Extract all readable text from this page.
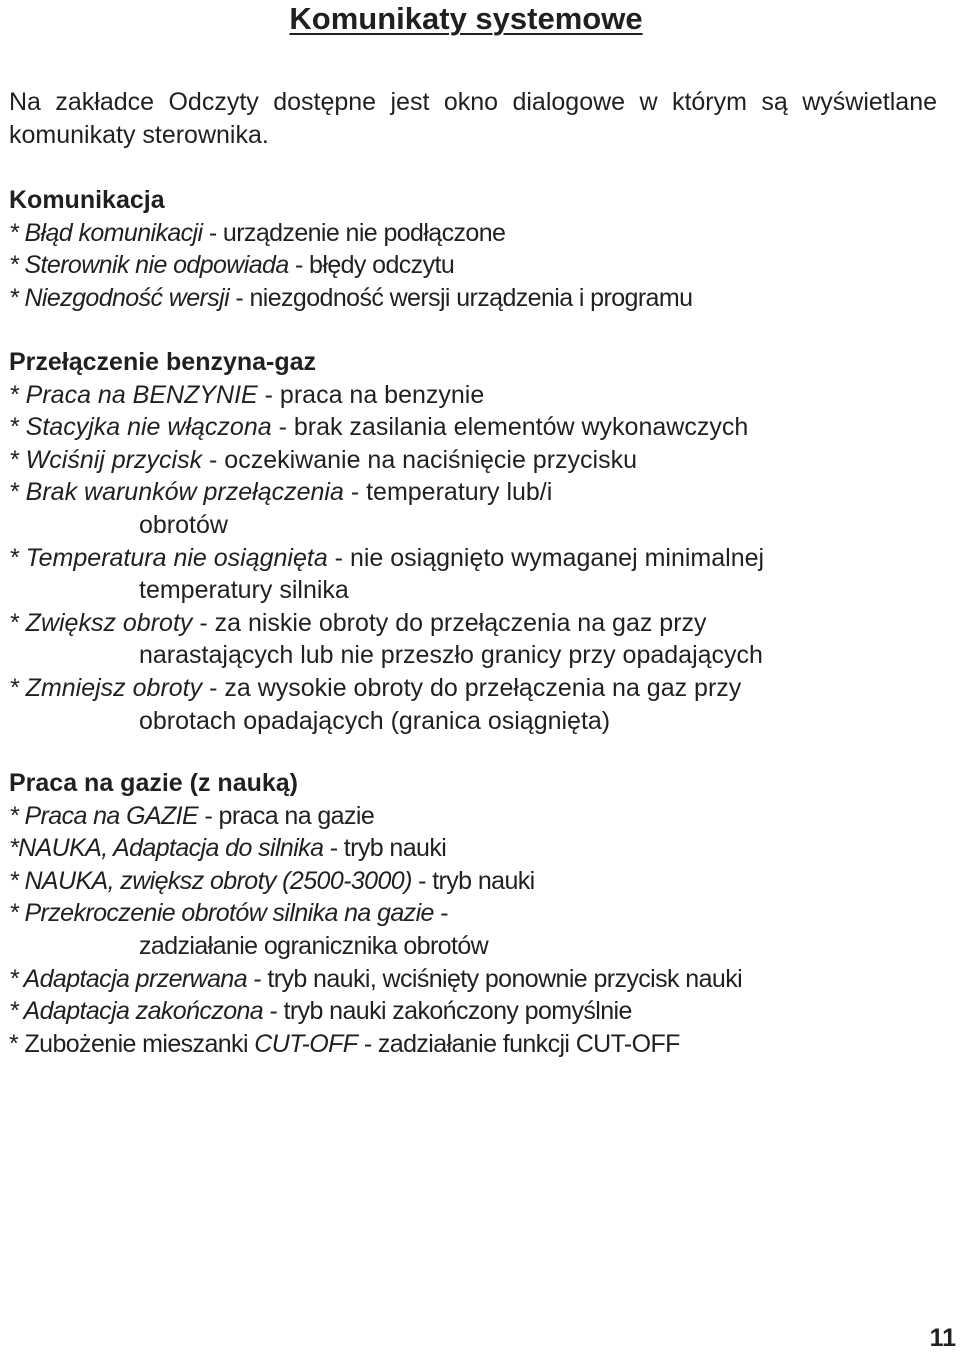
Komunikaty systemowe

Na zakładce Odczyty dostępne jest okno dialogowe w którym są wyświetlane komunikaty sterownika.

Komunikacja
* Błąd komunikacji - urządzenie nie podłączone
* Sterownik nie odpowiada - błędy odczytu
* Niezgodność wersji - niezgodność wersji urządzenia i programu
Przełączenie benzyna-gaz
* Praca na BENZYNIE - praca na benzynie
* Stacyjka nie włączona - brak zasilania elementów wykonawczych
* Wciśnij przycisk - oczekiwanie na naciśnięcie przycisku
* Brak warunków przełączenia - temperatury lub/i
obrotów
* Temperatura nie osiągnięta - nie osiągnięto wymaganej minimalnej
temperatury silnika
* Zwiększ obroty - za niskie obroty do przełączenia na gaz przy
narastających lub nie przeszło granicy przy opadających
* Zmniejsz obroty - za wysokie obroty do przełączenia na gaz przy
obrotach opadających (granica osiągnięta)
Praca na gazie (z nauką)
* Praca na GAZIE - praca na gazie
*NAUKA, Adaptacja do silnika - tryb nauki
* NAUKA, zwiększ obroty (2500-3000) - tryb nauki
* Przekroczenie obrotów silnika na gazie -
zadziałanie ogranicznika obrotów
* Adaptacja przerwana - tryb nauki, wciśnięty ponownie przycisk nauki
* Adaptacja zakończona - tryb nauki zakończony pomyślnie
* Zubożenie mieszanki CUT-OFF - zadziałanie funkcji CUT-OFF
11
